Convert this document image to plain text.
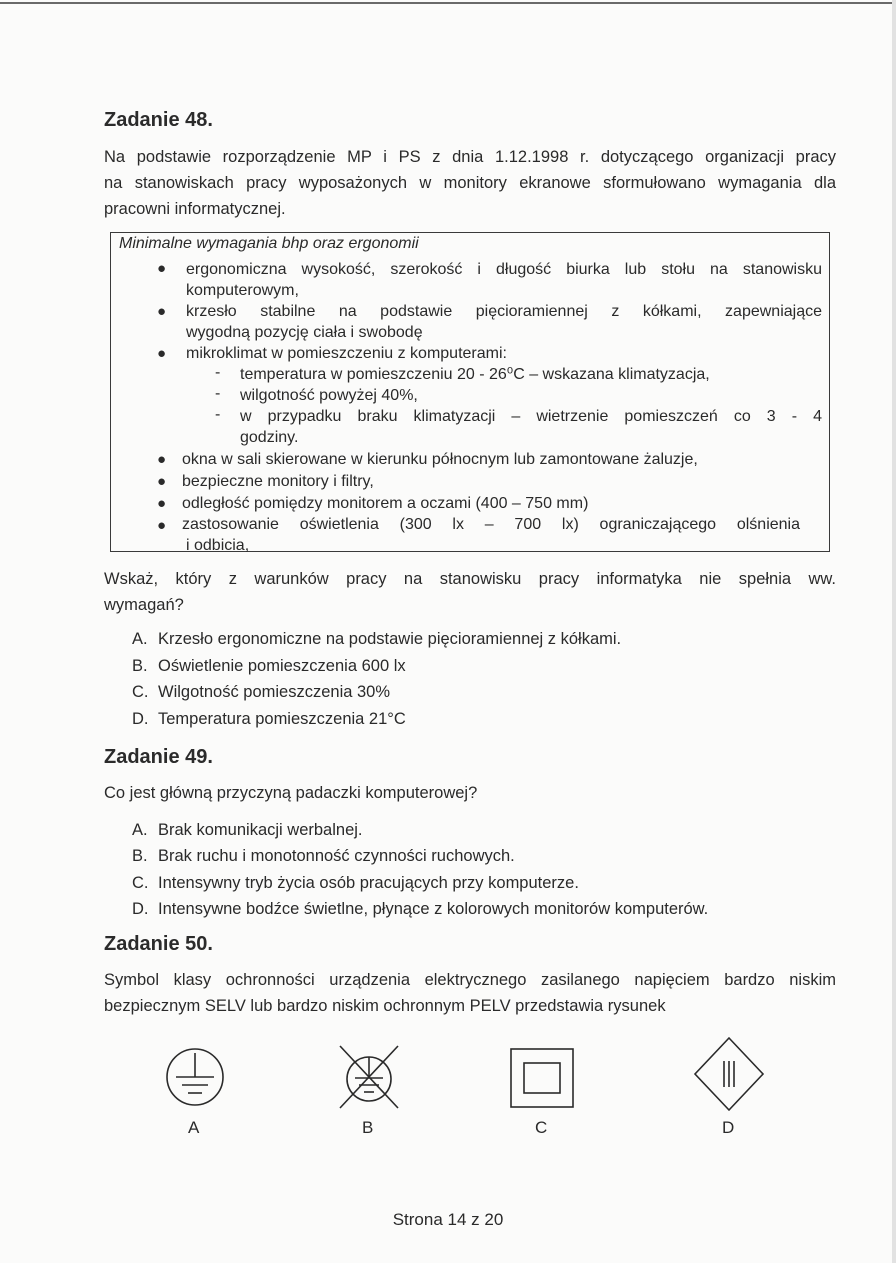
Zadanie 48.
Na podstawie rozporządzenie MP i PS z dnia 1.12.1998 r. dotyczącego organizacji pracy
na stanowiskach pracy wyposażonych w monitory ekranowe sformułowano wymagania dla
pracowni informatycznej.
Minimalne wymagania bhp oraz ergonomii
● ergonomiczna wysokość, szerokość i długość biurka lub stołu na stanowisku
komputerowym,
● krzesło stabilne na podstawie pięcioramiennej z kółkami, zapewniające
wygodną pozycję ciała i swobodę
● mikroklimat w pomieszczeniu z komputerami:
- temperatura w pomieszczeniu 20 - 26⁰C – wskazana klimatyzacja,
- wilgotność powyżej 40%,
- w przypadku braku klimatyzacji – wietrzenie pomieszczeń co 3 - 4
godziny.
● okna w sali skierowane w kierunku północnym lub zamontowane żaluzje,
● bezpieczne monitory i filtry,
● odległość pomiędzy monitorem a oczami (400 – 750 mm)
● zastosowanie oświetlenia (300 lx – 700 lx) ograniczającego olśnienia
i odbicia,
Wskaż, który z warunków pracy na stanowisku pracy informatyka nie spełnia ww.
wymagań?
A. Krzesło ergonomiczne na podstawie pięcioramiennej z kółkami.
B. Oświetlenie pomieszczenia 600 lx
C. Wilgotność pomieszczenia 30%
D. Temperatura pomieszczenia 21°C
Zadanie 49.
Co jest główną przyczyną padaczki komputerowej?
A. Brak komunikacji werbalnej.
B. Brak ruchu i monotonność czynności ruchowych.
C. Intensywny tryb życia osób pracujących przy komputerze.
D. Intensywne bodźce świetlne, płynące z kolorowych monitorów komputerów.
Zadanie 50.
Symbol klasy ochronności urządzenia elektrycznego zasilanego napięciem bardzo niskim
bezpiecznym SELV lub bardzo niskim ochronnym PELV przedstawia rysunek
A	B	C	D
Strona 14 z 20
